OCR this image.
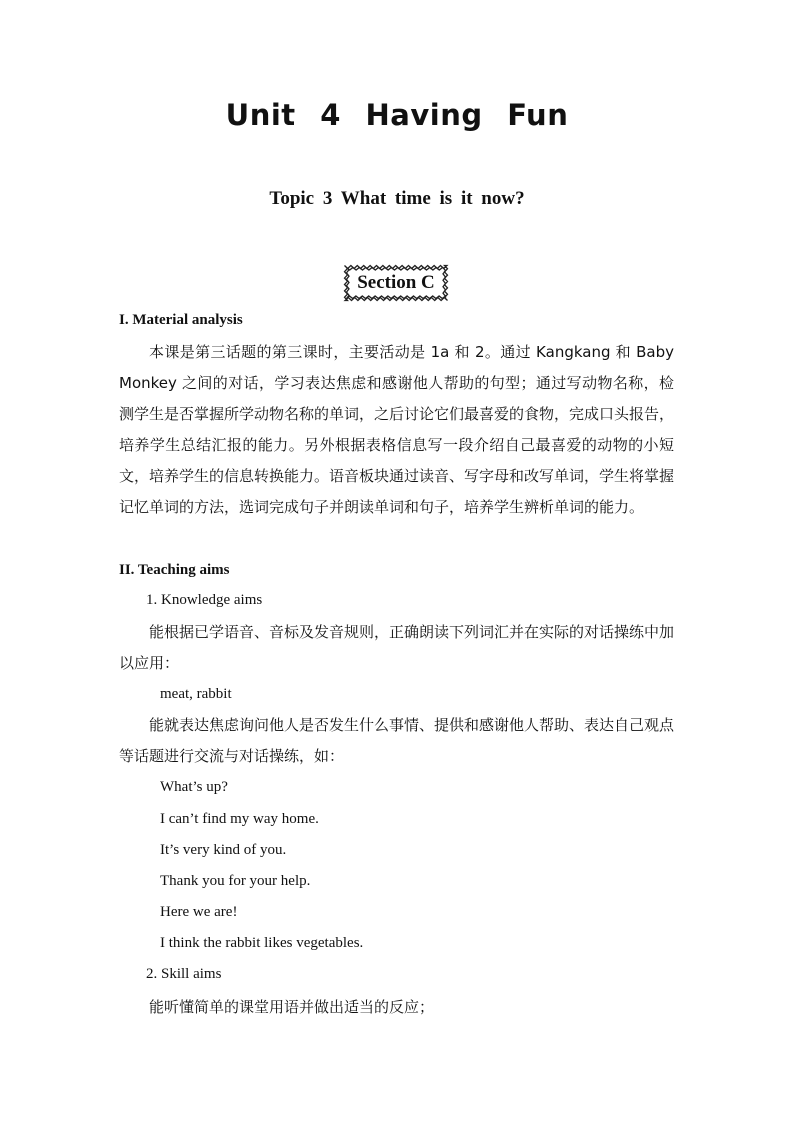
Unit 4 Having Fun
Topic 3 What time is it now?
Section C
I. Material analysis
本课是第三话题的第三课时，主要活动是 1a 和 2。通过 Kangkang 和 Baby Monkey 之间的对话，学习表达焦虑和感谢他人帮助的句型；通过写动物名称，检测学生是否掌握所学动物名称的单词，之后讨论它们最喜爱的食物，完成口头报告，培养学生总结汇报的能力。另外根据表格信息写一段介绍自己最喜爱的动物的小短文，培养学生的信息转换能力。语音板块通过读音、写字母和改写单词，学生将掌握记忆单词的方法，选词完成句子并朗读单词和句子，培养学生辨析单词的能力。
II. Teaching aims
1. Knowledge aims
能根据已学语音、音标及发音规则，正确朗读下列词汇并在实际的对话操练中加以应用：
meat, rabbit
能就表达焦虑询问他人是否发生什么事情、提供和感谢他人帮助、表达自己观点等话题进行交流与对话操练，如：
What’s up?
I can’t find my way home.
It’s very kind of you.
Thank you for your help.
Here we are!
I think the rabbit likes vegetables.
2. Skill aims
能听懂简单的课堂用语并做出适当的反应；
